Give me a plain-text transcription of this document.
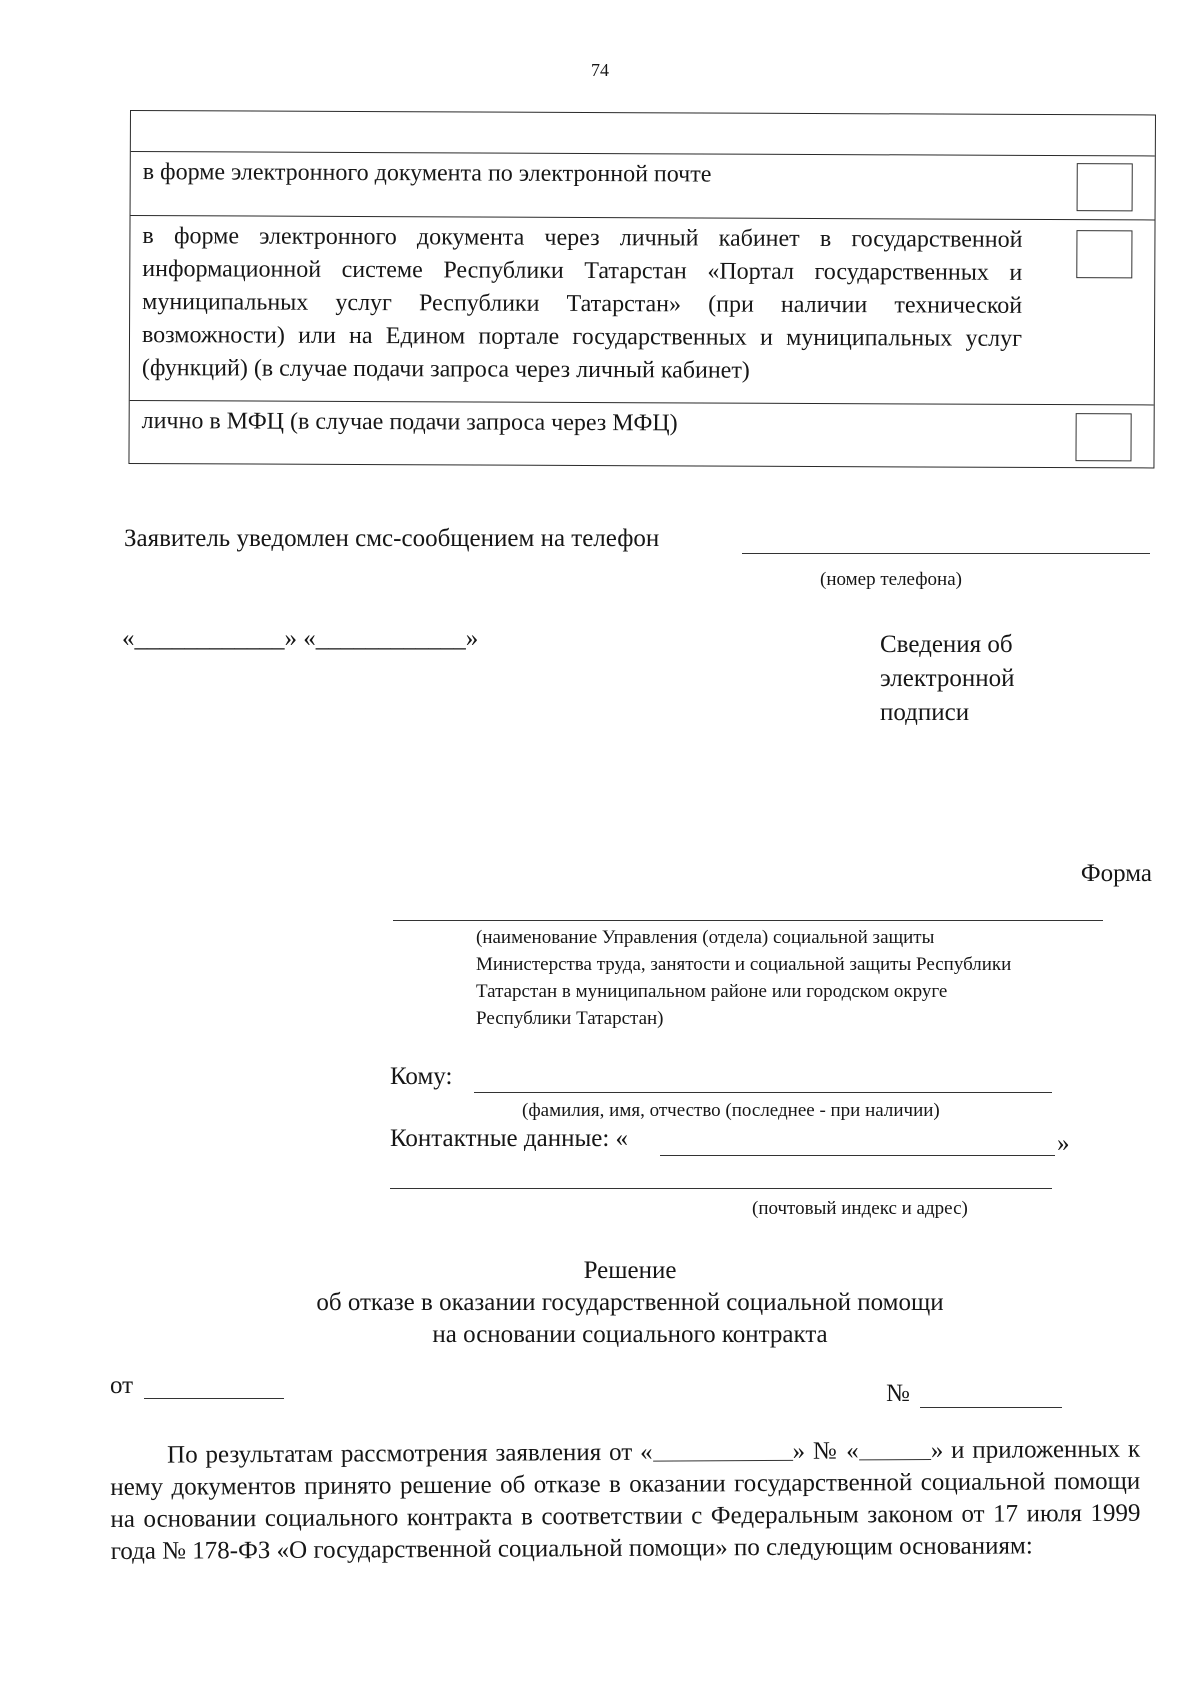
74
в форме электронного документа по электронной почте
в форме электронного документа через личный кабинет в государственной информационной системе Республики Татарстан «Портал государственных и муниципальных услуг Республики Татарстан» (при наличии технической возможности) или на Едином портале государственных и муниципальных услуг (функций) (в случае подачи запроса через личный кабинет)
лично в МФЦ (в случае подачи запроса через МФЦ)
Заявитель уведомлен смс-сообщением на телефон
(номер телефона)
«____________» «____________»	Сведения об
электронной
подписи
Форма
(наименование Управления (отдела) социальной защиты
Министерства труда, занятости и социальной защиты Республики
Татарстан в муниципальном районе или городском округе
Республики Татарстан)
Кому:
(фамилия, имя, отчество (последнее - при наличии)
Контактные данные: «	»
(почтовый индекс и адрес)
Решение
об отказе в оказании государственной социальной помощи
на основании социального контракта
от	№

По результатам рассмотрения заявления от «	» № «	» и приложенных к нему документов принято решение об отказе в оказании государственной социальной помощи на основании социального контракта в соответствии с Федеральным законом от 17 июля 1999 года № 178-ФЗ «О государственной социальной помощи» по следующим основаниям:
